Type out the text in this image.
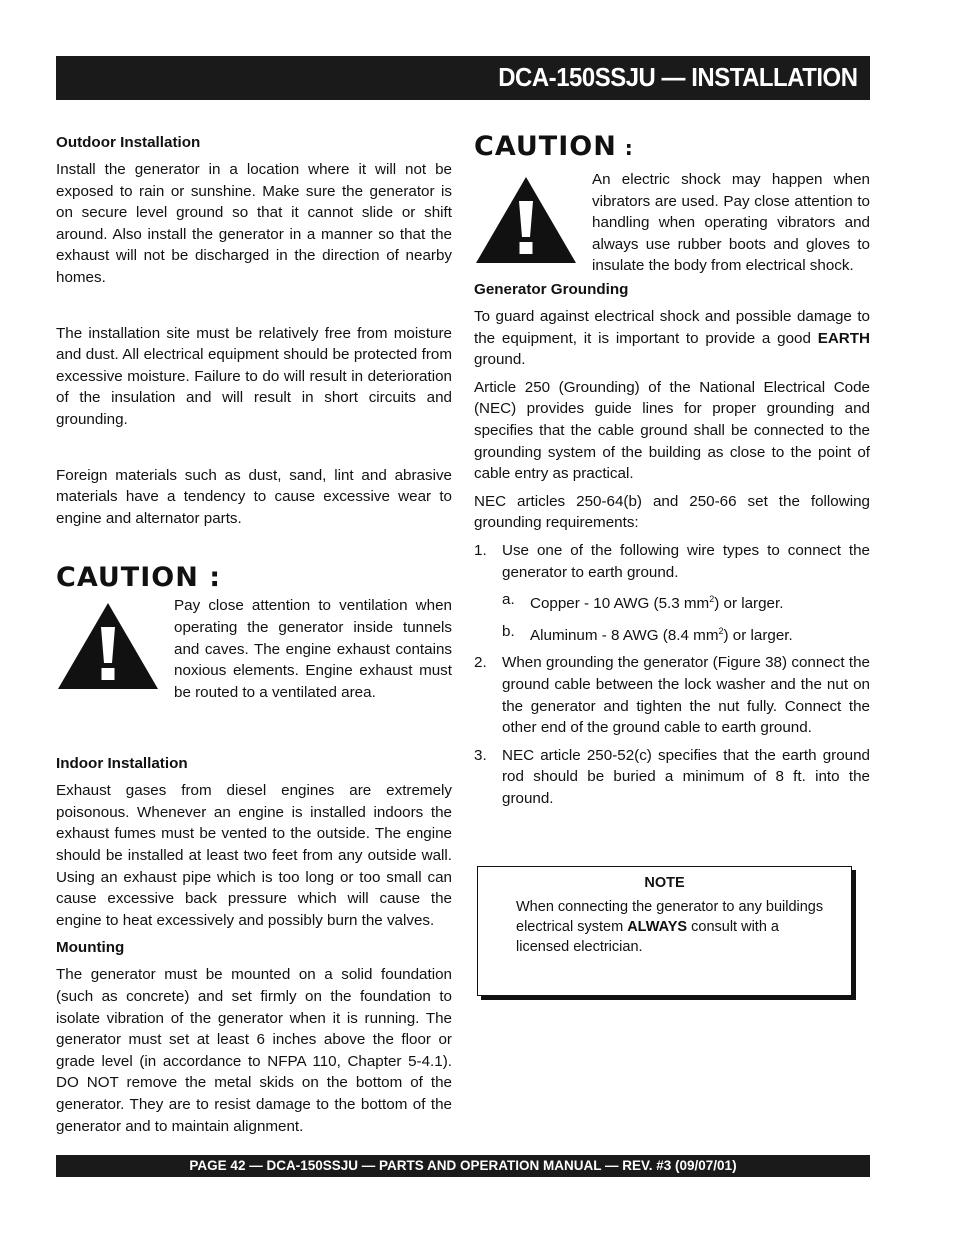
DCA-150SSJU — INSTALLATION
Outdoor Installation

Install the generator in a location where it will not be exposed to rain or sunshine. Make sure the generator is on secure level ground so that it cannot slide or shift around. Also install the generator in a manner so that the exhaust will not be discharged in the direction of nearby homes.

The installation site must be relatively free from moisture and dust. All electrical equipment should be protected from excessive moisture. Failure to do will result in deterioration of the insulation and will result in short circuits and grounding.

Foreign materials such as dust, sand, lint and abrasive materials have a tendency to cause excessive wear to engine and alternator parts.

CAUTION :

Pay close attention to ventilation when operating the generator inside tunnels and caves. The engine exhaust contains noxious elements. Engine exhaust must be routed to a ventilated area.

Indoor Installation

Exhaust gases from diesel engines are extremely poisonous. Whenever an engine is installed indoors the exhaust fumes must be vented to the outside. The engine should be installed at least two feet from any outside wall. Using an exhaust pipe which is too long or too small can cause excessive back pressure which will cause the engine to heat excessively and possibly burn the valves.

Mounting

The generator must be mounted on a solid foundation (such as concrete) and set firmly on the foundation to isolate vibration of the generator when it is running. The generator must set at least 6 inches above the floor or grade level (in accordance to NFPA 110, Chapter 5-4.1). DO NOT remove the metal skids on the bottom of the generator. They are to resist damage to the bottom of the generator and to maintain alignment.

CAUTION :

An electric shock may happen when vibrators are used. Pay close attention to handling when operating vibrators and always use rubber boots and gloves to insulate the body from electrical shock.

Generator Grounding

To guard against electrical shock and possible damage to the equipment, it is important to provide a good EARTH ground.

Article 250 (Grounding) of the National Electrical Code (NEC) provides guide lines for proper grounding and specifies that the cable ground shall be connected to the grounding system of the building as close to the point of cable entry as practical.

NEC articles 250-64(b) and 250-66 set the following grounding requirements:

1. Use one of the following wire types to connect the generator to earth ground.
a. Copper - 10 AWG (5.3 $mm^2$) or larger.
b. Aluminum - 8 AWG (8.4 $mm^2$) or larger.
2. When grounding the generator (Figure 38) connect the ground cable between the lock washer and the nut on the generator and tighten the nut fully. Connect the other end of the ground cable to earth ground.
3. NEC article 250-52(c) specifies that the earth ground rod should be buried a minimum of 8 ft. into the ground.
NOTE
When connecting the generator to any buildings electrical system ALWAYS consult with a licensed electrician.
PAGE 42 — DCA-150SSJU — PARTS AND OPERATION MANUAL — REV. #3 (09/07/01)
